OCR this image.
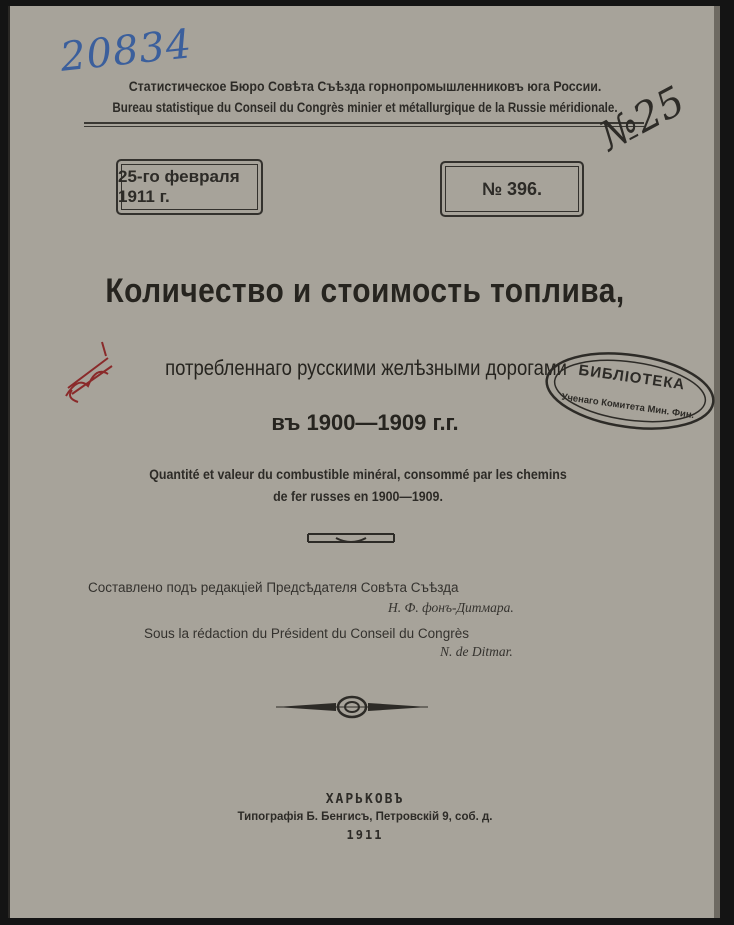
20834
Статистическое Бюро Совѣта Съѣзда горнопромышленниковъ юга России.
Bureau statistique du Conseil du Congrès minier et métallurgique de la Russie méridionale.
№25
25-го февраля 1911 г.	№ 396.
Количество и стоимость топлива,
потребленнаго русскими желѣзными дорогами
въ 1900—1909 г.г.
Quantité et valeur du combustible minéral, consommé par les chemins de fer russes en 1900—1909.
Составлено подъ редакціей Предсѣдателя Совѣта Съѣзда
Н. Ф. фонъ-Дитмара.
Sous la rédaction du Président du Conseil du Congrès
N. de Ditmar.
ХАРЬКОВЪ
Типографія Б. Бенгисъ, Петровскій 9, соб. д.
1911
БИБЛІОТЕКА
Ученаго Комитета Мин. Фин.
